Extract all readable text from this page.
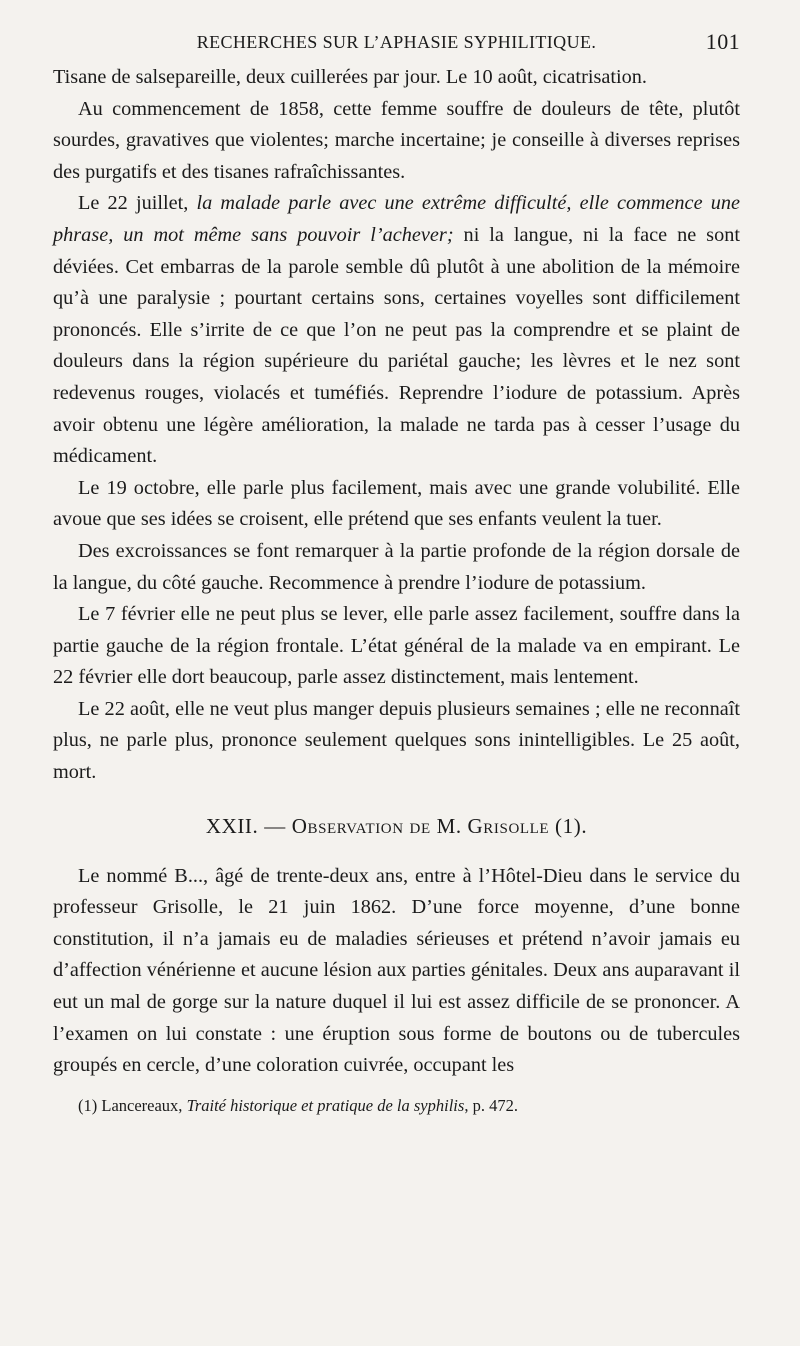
RECHERCHES SUR L’APHASIE SYPHILITIQUE.	101

Tisane de salsepareille, deux cuillerées par jour. Le 10 août, cicatrisation.

Au commencement de 1858, cette femme souffre de douleurs de tête, plutôt sourdes, gravatives que violentes; marche incertaine; je conseille à diverses reprises des purgatifs et des tisanes rafraîchissantes.

Le 22 juillet, la malade parle avec une extrême difficulté, elle commence une phrase, un mot même sans pouvoir l’achever; ni la langue, ni la face ne sont déviées. Cet embarras de la parole semble dû plutôt à une abolition de la mémoire qu’à une paralysie ; pourtant certains sons, certaines voyelles sont difficilement prononcés. Elle s’irrite de ce que l’on ne peut pas la comprendre et se plaint de douleurs dans la région supérieure du pariétal gauche; les lèvres et le nez sont redevenus rouges, violacés et tuméfiés. Reprendre l’iodure de potassium. Après avoir obtenu une légère amélioration, la malade ne tarda pas à cesser l’usage du médicament.

Le 19 octobre, elle parle plus facilement, mais avec une grande volubilité. Elle avoue que ses idées se croisent, elle prétend que ses enfants veulent la tuer.

Des excroissances se font remarquer à la partie profonde de la région dorsale de la langue, du côté gauche. Recommence à prendre l’iodure de potassium.

Le 7 février elle ne peut plus se lever, elle parle assez facilement, souffre dans la partie gauche de la région frontale. L’état général de la malade va en empirant. Le 22 février elle dort beaucoup, parle assez distinctement, mais lentement.

Le 22 août, elle ne veut plus manger depuis plusieurs semaines ; elle ne reconnaît plus, ne parle plus, prononce seulement quelques sons inintelligibles. Le 25 août, mort.

XXII. — Observation de M. Grisolle (1).

Le nommé B..., âgé de trente-deux ans, entre à l’Hôtel-Dieu dans le service du professeur Grisolle, le 21 juin 1862. D’une force moyenne, d’une bonne constitution, il n’a jamais eu de maladies sérieuses et prétend n’avoir jamais eu d’affection vénérienne et aucune lésion aux parties génitales. Deux ans auparavant il eut un mal de gorge sur la nature duquel il lui est assez difficile de se prononcer. A l’examen on lui constate : une éruption sous forme de boutons ou de tubercules groupés en cercle, d’une coloration cuivrée, occupant les

(1) Lancereaux, Traité historique et pratique de la syphilis, p. 472.
